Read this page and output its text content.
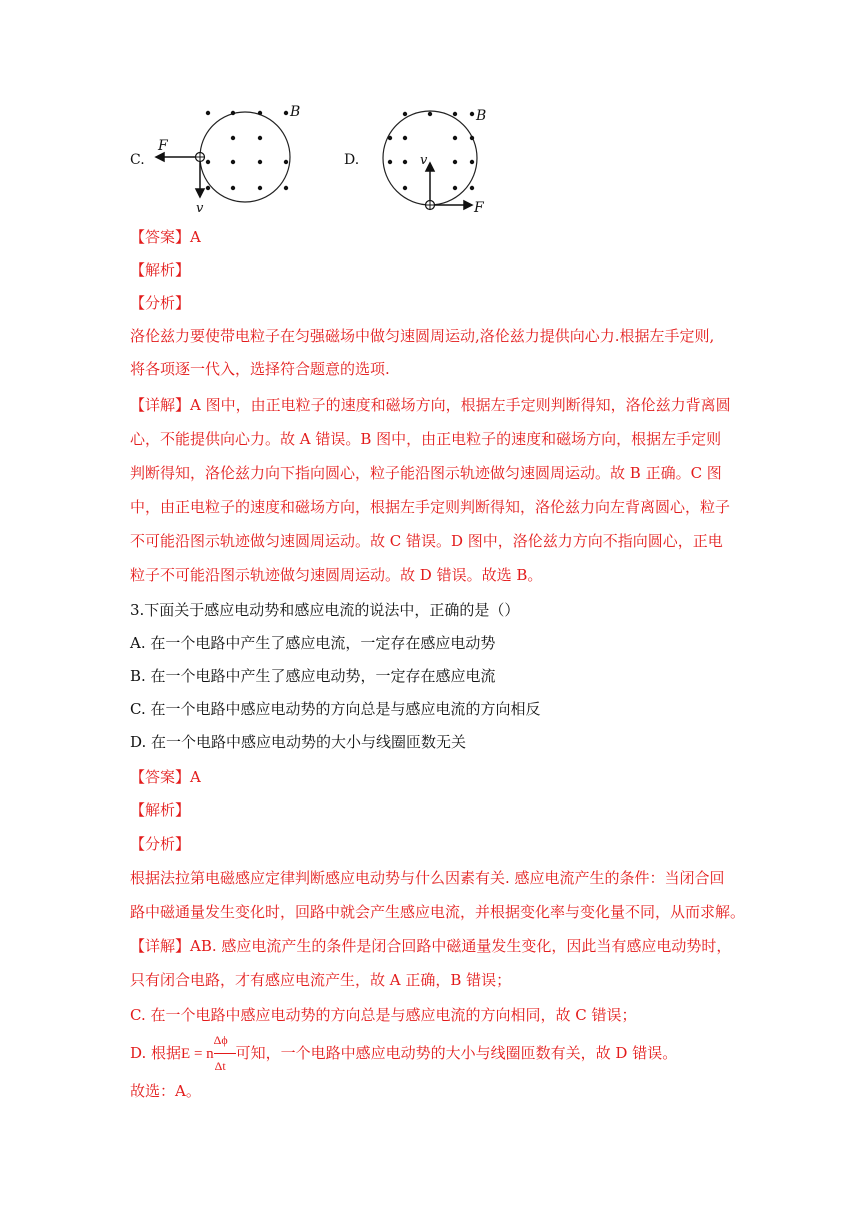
C.
B
F
v
D.
B
v
F
【答案】A
【解析】
【分析】
洛伦兹力要使带电粒子在匀强磁场中做匀速圆周运动,洛伦兹力提供向心力.根据左手定则,
将各项逐一代入，选择符合题意的选项.
【详解】A 图中，由正电粒子的速度和磁场方向，根据左手定则判断得知，洛伦兹力背离圆
心，不能提供向心力。故 A 错误。B 图中，由正电粒子的速度和磁场方向，根据左手定则
判断得知，洛伦兹力向下指向圆心，粒子能沿图示轨迹做匀速圆周运动。故 B 正确。C 图
中，由正电粒子的速度和磁场方向，根据左手定则判断得知，洛伦兹力向左背离圆心，粒子
不可能沿图示轨迹做匀速圆周运动。故 C 错误。D 图中，洛伦兹力方向不指向圆心，正电
粒子不可能沿图示轨迹做匀速圆周运动。故 D 错误。故选 B。
3.下面关于感应电动势和感应电流的说法中，正确的是（）
A. 在一个电路中产生了感应电流，一定存在感应电动势
B. 在一个电路中产生了感应电动势，一定存在感应电流
C. 在一个电路中感应电动势的方向总是与感应电流的方向相反
D. 在一个电路中感应电动势的大小与线圈匝数无关
【答案】A
【解析】
【分析】
根据法拉第电磁感应定律判断感应电动势与什么因素有关. 感应电流产生的条件：当闭合回
路中磁通量发生变化时，回路中就会产生感应电流，并根据变化率与变化量不同，从而求解。
【详解】AB. 感应电流产生的条件是闭合回路中磁通量发生变化，因此当有感应电动势时，
只有闭合电路，才有感应电流产生，故 A 正确，B 错误；
C. 在一个电路中感应电动势的方向总是与感应电流的方向相同，故 C 错误；
D. 根据E = n $\frac{\Delta\phi}{\Delta t}$ 可知，一个电路中感应电动势的大小与线圈匝数有关，故 D 错误。
故选：A。
